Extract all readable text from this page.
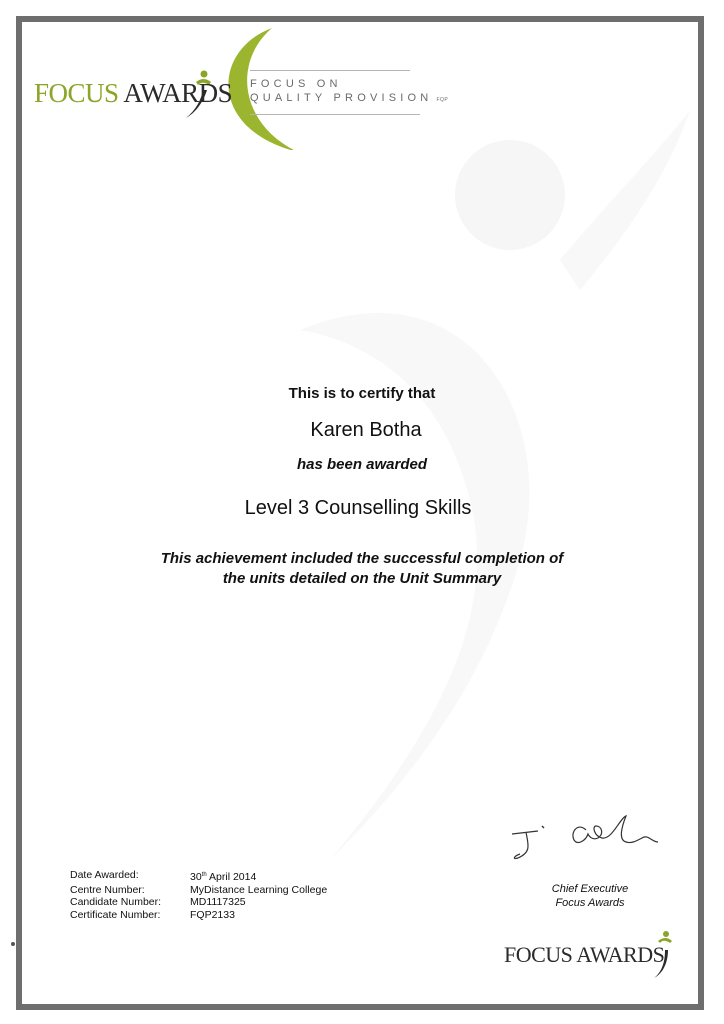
FOCUS AWARDS FOCUS ON
QUALITY PROVISION FQP
This is to certify that
Karen Botha
has been awarded
Level 3 Counselling Skills
This achievement included the successful completion of
the units detailed on the Unit Summary
Date Awarded:	30th April 2014
Centre Number:	MyDistance Learning College
Candidate Number:	MD1117325
Certificate Number:	FQP2133
Chief Executive
Focus Awards
FOCUS AWARDS
